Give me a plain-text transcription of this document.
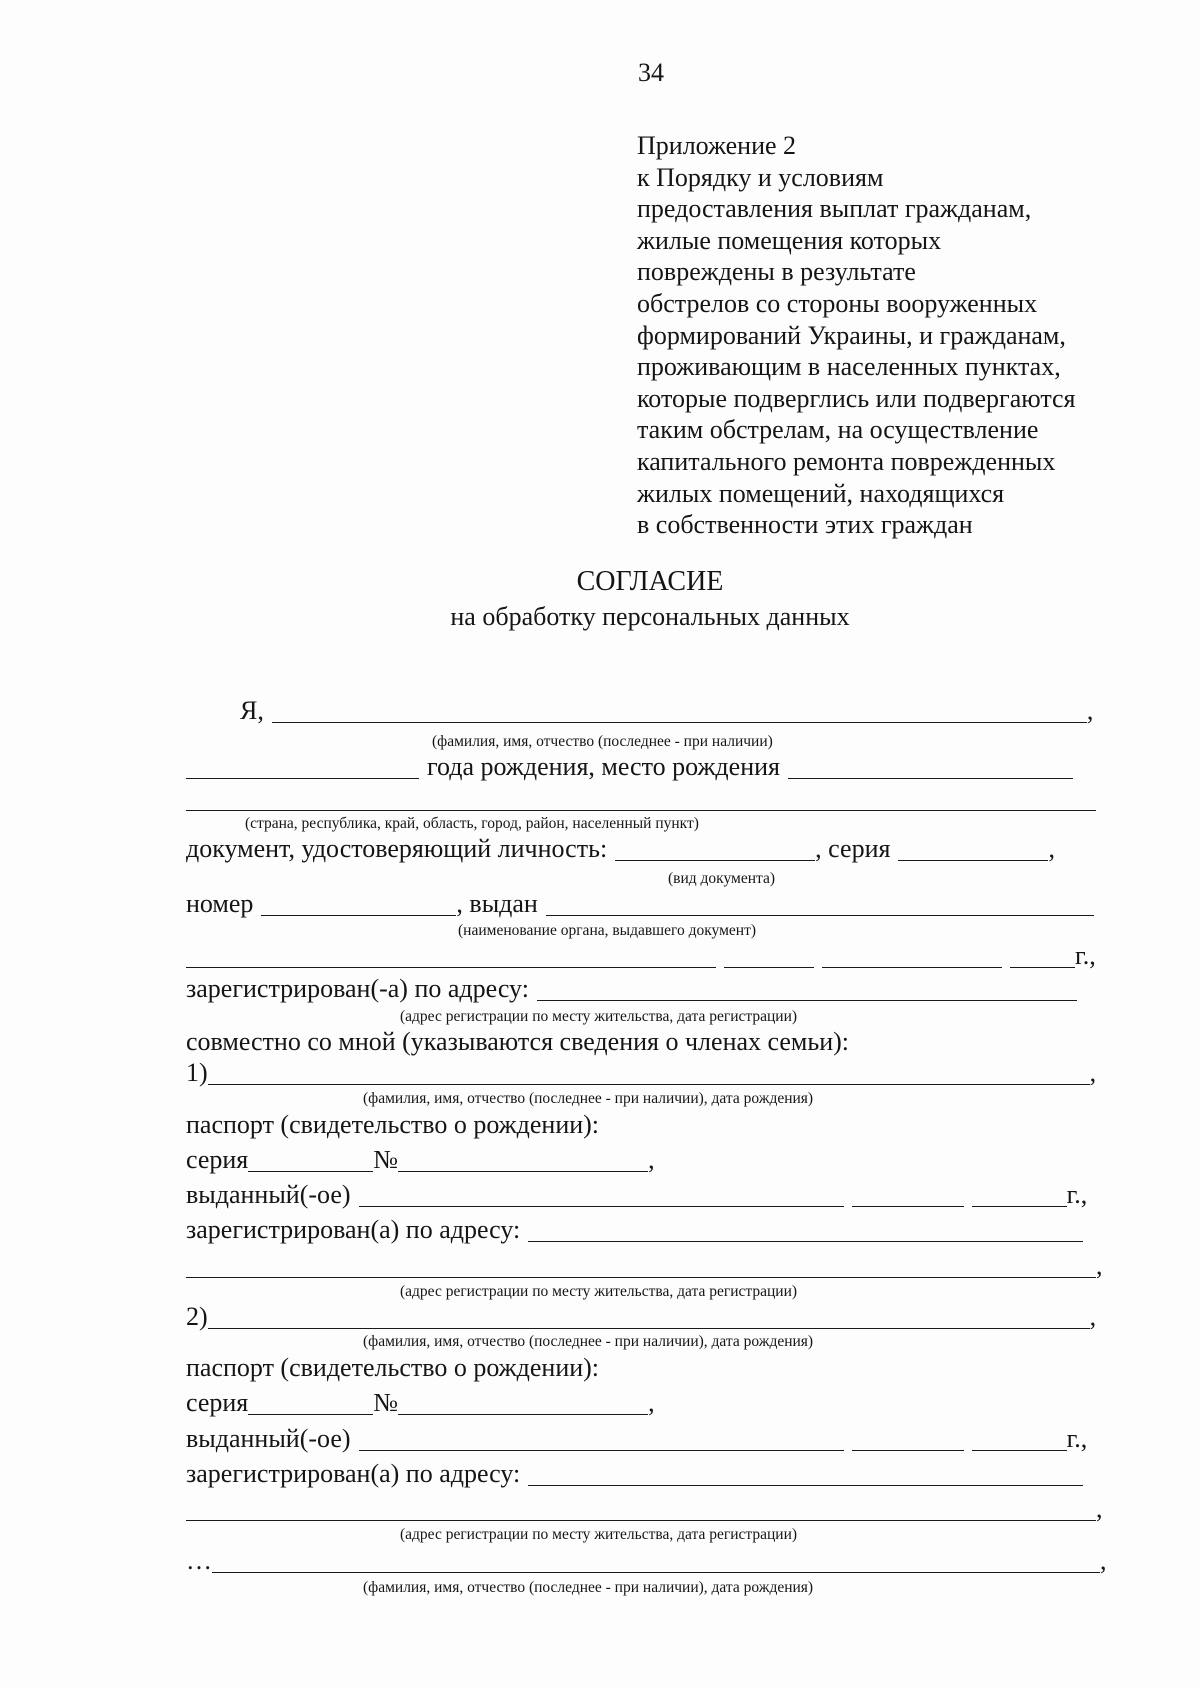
34
Приложение 2
к Порядку и условиям
предоставления выплат гражданам,
жилые помещения которых
повреждены в результате
обстрелов со стороны вооруженных
формирований Украины, и гражданам,
проживающим в населенных пунктах,
которые подверглись или подвергаются
таким обстрелам, на осуществление
капитального ремонта поврежденных
жилых помещений, находящихся
в собственности этих граждан
СОГЛАСИЕ
на обработку персональных данных
Я,	,
(фамилия, имя, отчество (последнее - при наличии)
года рождения, место рождения
(страна, республика, край, область, город, район, населенный пункт)
документ, удостоверяющий личность:	, серия	,
(вид документа)
номер	, выдан
(наименование органа, выдавшего документ)
г.,
зарегистрирован(-а) по адресу:
(адрес регистрации по месту жительства, дата регистрации)
совместно со мной (указываются сведения о членах семьи):
1)	,
(фамилия, имя, отчество (последнее - при наличии), дата рождения)
паспорт (свидетельство о рождении):
серия	№	,
выданный(-ое)	г.,
зарегистрирован(а) по адресу:
,
(адрес регистрации по месту жительства, дата регистрации)
2)	,
(фамилия, имя, отчество (последнее - при наличии), дата рождения)
паспорт (свидетельство о рождении):
серия	№	,
выданный(-ое)	г.,
зарегистрирован(а) по адресу:
,
(адрес регистрации по месту жительства, дата регистрации)
…	,
(фамилия, имя, отчество (последнее - при наличии), дата рождения)
